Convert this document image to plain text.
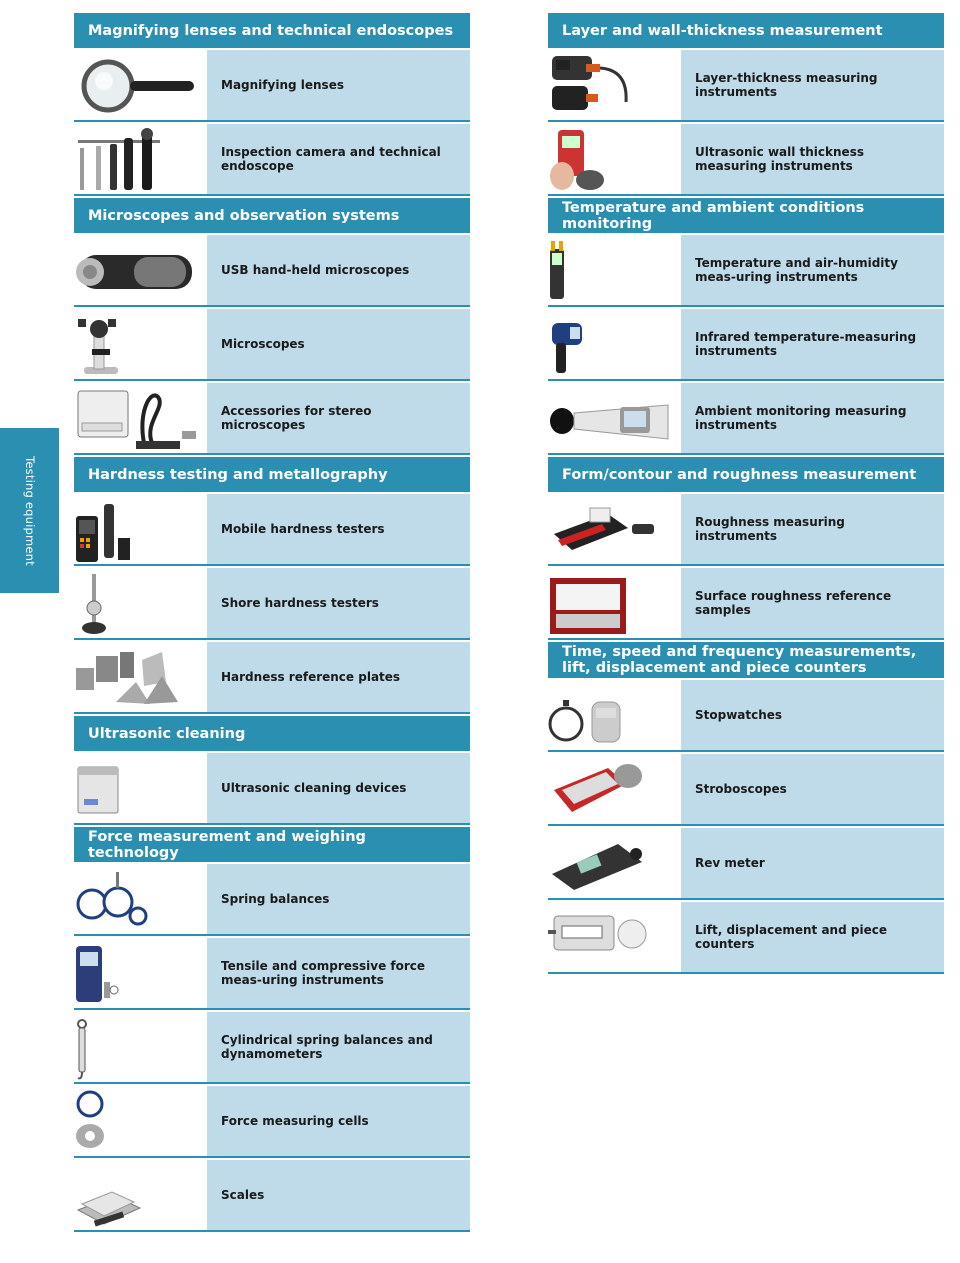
Testing equipment
Magnifying lenses and technical endoscopes
Magnifying lenses
Inspection camera and technical endoscope
Microscopes and observation systems
USB hand-held microscopes
Microscopes
Accessories for stereo microscopes
Hardness testing and metallography
Mobile hardness testers
Shore hardness testers
Hardness reference plates
Ultrasonic cleaning
Ultrasonic cleaning devices
Force measurement and weighing technology
Spring balances
Tensile and compressive force meas-uring instruments
Cylindrical spring balances and dynamometers
Force measuring cells
Scales
Layer and wall-thickness measurement
Layer-thickness measuring instruments
Ultrasonic wall thickness measuring instruments
Temperature and ambient conditions monitoring
Temperature and air-humidity meas-uring instruments
Infrared temperature-measuring instruments
Ambient monitoring measuring instruments
Form/contour and roughness measurement
Roughness measuring instruments
Surface roughness reference samples
Time, speed and frequency measurements, lift, displacement and piece counters
Stopwatches
Stroboscopes
Rev meter
Lift, displacement and piece counters
